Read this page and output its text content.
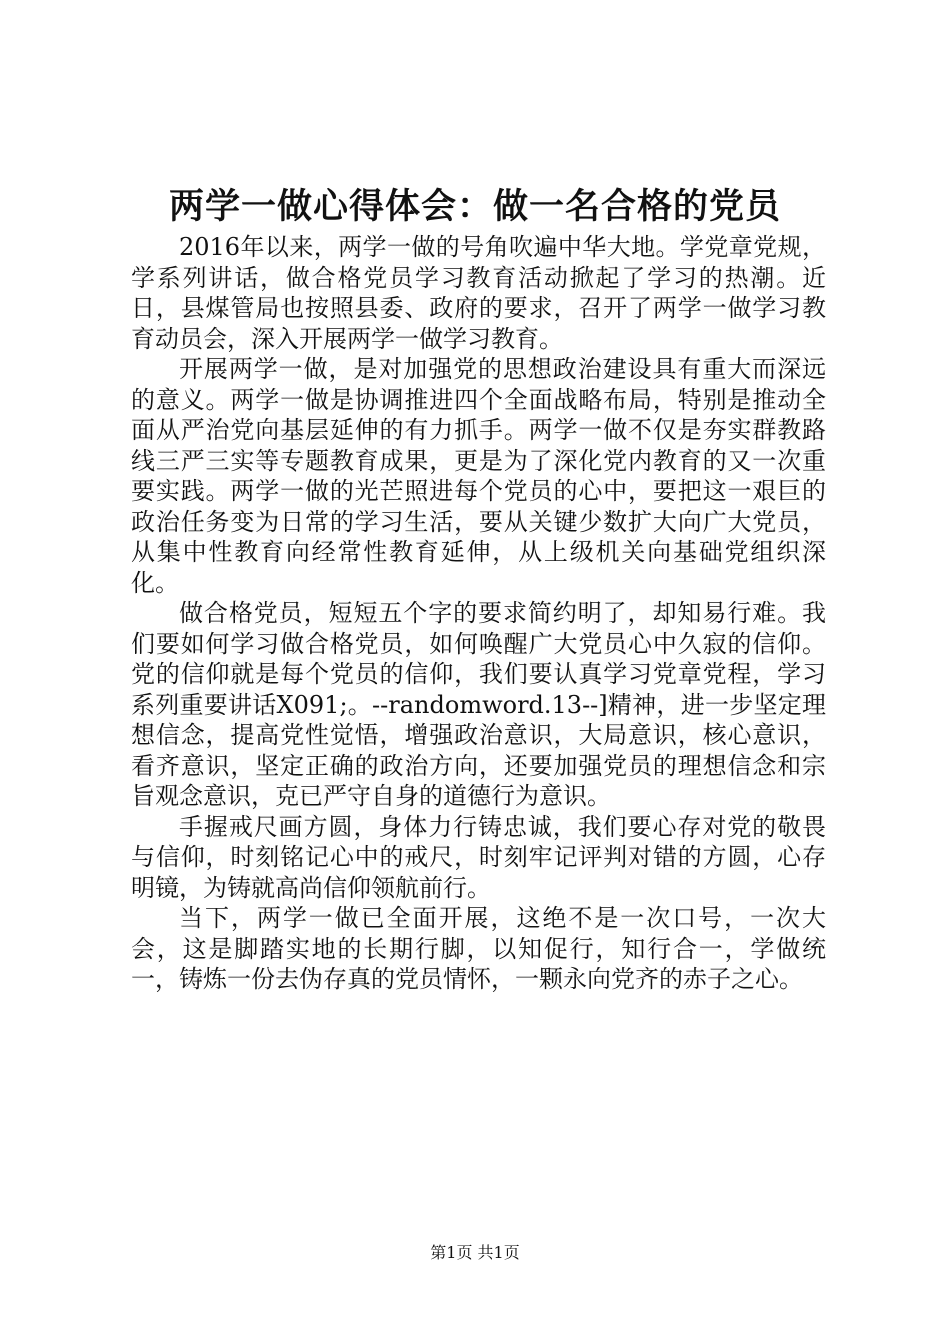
两学一做心得体会：做一名合格的党员

2016年以来，两学一做的号角吹遍中华大地。学党章党规，学系列讲话，做合格党员学习教育活动掀起了学习的热潮。近日，县煤管局也按照县委、政府的要求，召开了两学一做学习教育动员会，深入开展两学一做学习教育。

开展两学一做，是对加强党的思想政治建设具有重大而深远的意义。两学一做是协调推进四个全面战略布局，特别是推动全面从严治党向基层延伸的有力抓手。两学一做不仅是夯实群教路线三严三实等专题教育成果，更是为了深化党内教育的又一次重要实践。两学一做的光芒照进每个党员的心中，要把这一艰巨的政治任务变为日常的学习生活，要从关键少数扩大向广大党员，从集中性教育向经常性教育延伸，从上级机关向基础党组织深化。

做合格党员，短短五个字的要求简约明了，却知易行难。我们要如何学习做合格党员，如何唤醒广大党员心中久寂的信仰。党的信仰就是每个党员的信仰，我们要认真学习党章党程，学习系列重要讲话X091;。--randomword.13--]精神，进一步坚定理想信念，提高党性觉悟，增强政治意识，大局意识，核心意识，看齐意识，坚定正确的政治方向，还要加强党员的理想信念和宗旨观念意识，克已严守自身的道德行为意识。

手握戒尺画方圆，身体力行铸忠诚，我们要心存对党的敬畏与信仰，时刻铭记心中的戒尺，时刻牢记评判对错的方圆，心存明镜，为铸就高尚信仰领航前行。

当下，两学一做已全面开展，这绝不是一次口号，一次大会，这是脚踏实地的长期行脚，以知促行，知行合一，学做统一，铸炼一份去伪存真的党员情怀，一颗永向党齐的赤子之心。

第1页 共1页
